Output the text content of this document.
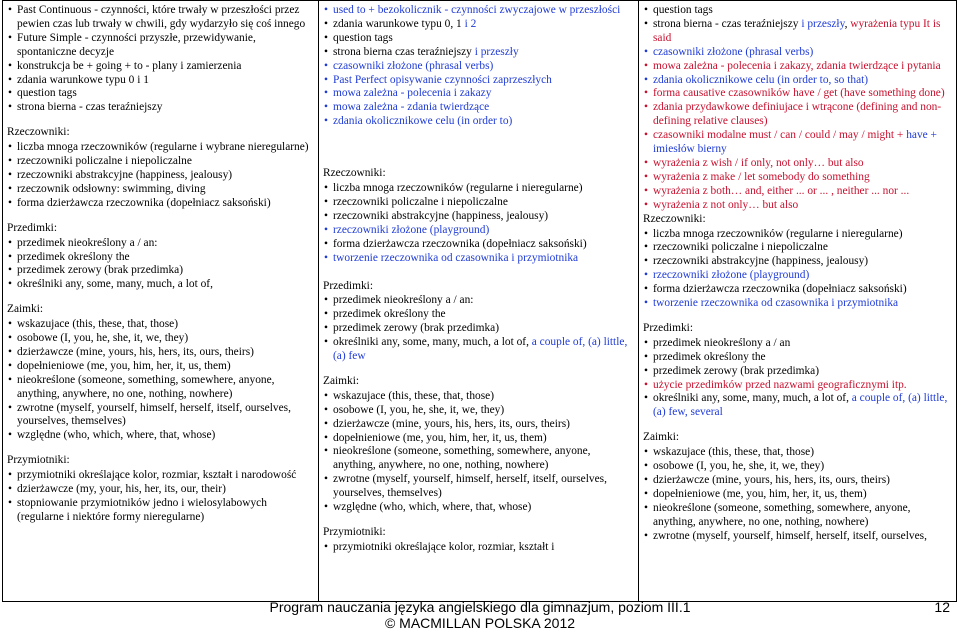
• Past Continuous - czynności, które trwały w przeszłości przez pewien czas lub trwały w chwili, gdy wydarzyło się coś innego
• Future Simple - czynności przyszłe, przewidywanie, spontaniczne decyzje
• konstrukcja be + going + to - plany i zamierzenia
• zdania warunkowe typu 0 i 1
• question tags
• strona bierna - czas teraźniejszy
Rzeczowniki:
• liczba mnoga rzeczowników (regularne i wybrane nieregularne)
• rzeczowniki policzalne i niepoliczalne
• rzeczowniki abstrakcyjne (happiness, jealousy)
• rzeczownik odsłowny: swimming, diving
• forma dzierżawcza rzeczownika (dopełniacz saksoński)
Przedimki:
• przedimek nieokreślony a / an:
• przedimek określony the
• przedimek zerowy (brak przedimka)
• określniki any, some, many, much, a lot of,
Zaimki:
• wskazujace (this, these, that, those)
• osobowe (I, you, he, she, it, we, they)
• dzierżawcze (mine, yours, his, hers, its, ours, theirs)
• dopełnieniowe (me, you, him, her, it, us, them)
• nieokreślone (someone, something, somewhere, anyone, anything, anywhere, no one, nothing, nowhere)
• zwrotne (myself, yourself, himself, herself, itself, ourselves, yourselves, themselves)
• względne (who, which, where, that, whose)
Przymiotniki:
• przymiotniki określające kolor, rozmiar, kształt i narodowość
• dzierżawcze (my, your, his, her, its, our, their)
• stopniowanie przymiotników jedno i wielosylabowych (regularne i niektóre formy nieregularne)

• used to + bezokolicznik - czynności zwyczajowe w przeszłości
• zdania warunkowe typu 0, 1 i 2
• question tags
• strona bierna czas teraźniejszy i przeszły
• czasowniki złożone (phrasal verbs)
• Past Perfect opisywanie czynności zaprzeszłych
• mowa zależna - polecenia i zakazy
• mowa zależna - zdania twierdzące
• zdania okolicznikowe celu (in order to)
Rzeczowniki:
• liczba mnoga rzeczowników (regularne i nieregularne)
• rzeczowniki policzalne i niepoliczalne
• rzeczowniki abstrakcyjne (happiness, jealousy)
• rzeczowniki złożone (playground)
• forma dzierżawcza rzeczownika (dopełniacz saksoński)
• tworzenie rzeczownika od czasownika i przymiotnika
Przedimki:
• przedimek nieokreślony a / an:
• przedimek określony the
• przedimek zerowy (brak przedimka)
• określniki any, some, many, much, a lot of, a couple of, (a) little,(a) few
Zaimki:
• wskazujace (this, these, that, those)
• osobowe (I, you, he, she, it, we, they)
• dzierżawcze (mine, yours, his, hers, its, ours, theirs)
• dopełnieniowe (me, you, him, her, it, us, them)
• nieokreślone (someone, something, somewhere, anyone, anything, anywhere, no one, nothing, nowhere)
• zwrotne (myself, yourself, himself, herself, itself, ourselves, yourselves, themselves)
• względne (who, which, where, that, whose)
Przymiotniki:
• przymiotniki określające kolor, rozmiar, kształt i

• question tags
• strona bierna - czas teraźniejszy i przeszły, wyrażenia typu It is said
• czasowniki złożone (phrasal verbs)
• mowa zależna - polecenia i zakazy, zdania twierdzące i pytania
• zdania okolicznikowe celu (in order to, so that)
• forma causative czasowników have / get (have something done)
• zdania przydawkowe definiujace i wtrącone (defining and non-defining relative clauses)
• czasowniki modalne must / can / could / may / might + have + imiesłów bierny
• wyrażenia z wish / if only, not only… but also
• wyrażenia z make / let somebody do something
• wyrażenia z both… and, either ... or ... , neither ... nor ...
• wyrażenia z not only… but also
Rzeczowniki:
• liczba mnoga rzeczowników (regularne i nieregularne)
• rzeczowniki policzalne i niepoliczalne
• rzeczowniki abstrakcyjne (happiness, jealousy)
• rzeczowniki złożone (playground)
• forma dzierżawcza rzeczownika (dopełniacz saksoński)
• tworzenie rzeczownika od czasownika i przymiotnika
Przedimki:
• przedimek nieokreślony a / an
• przedimek określony the
• przedimek zerowy (brak przedimka)
• użycie przedimków przed nazwami geograficznymi itp.
• określniki any, some, many, much, a lot of, a couple of, (a) little,(a) few, several
Zaimki:
• wskazujace (this, these, that, those)
• osobowe (I, you, he, she, it, we, they)
• dzierżawcze (mine, yours, his, hers, its, ours, theirs)
• dopełnieniowe (me, you, him, her, it, us, them)
• nieokreślone (someone, something, somewhere, anyone, anything, anywhere, no one, nothing, nowhere)
• zwrotne (myself, yourself, himself, herself, itself, ourselves,
Program nauczania języka angielskiego dla gimnazjum, poziom III.1	12
© MACMILLAN POLSKA 2012
